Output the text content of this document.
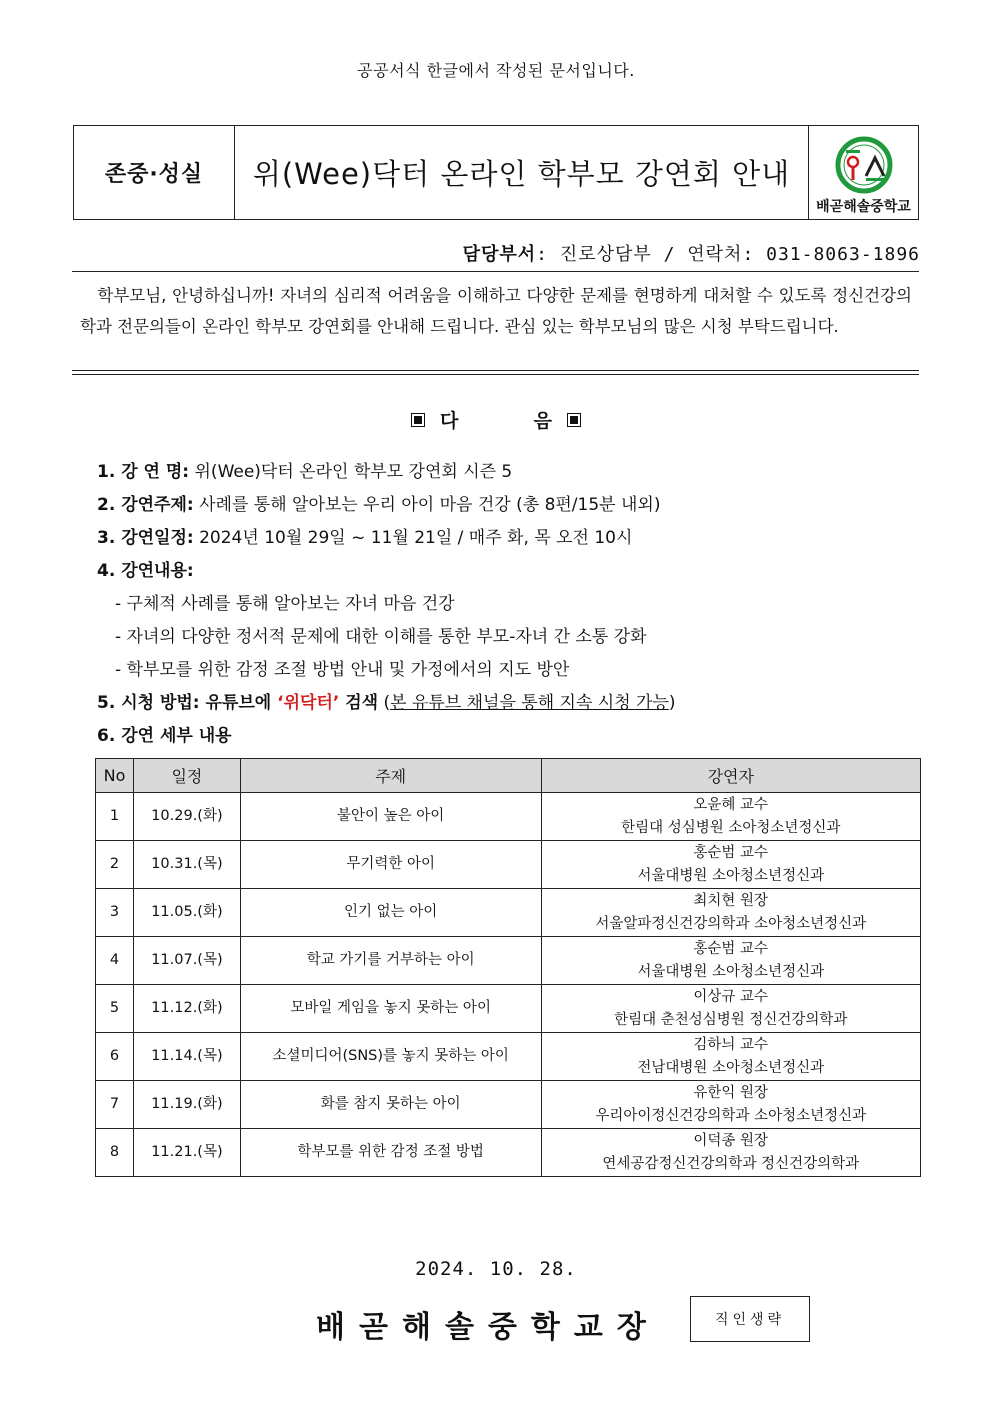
공공서식 한글에서 작성된 문서입니다.
존중·성실	위(Wee)닥터 온라인 학부모 강연회 안내
배곧해솔중학교
담당부서: 진로상담부 / 연락처: 031-8063-1896
학부모님, 안녕하십니까! 자녀의 심리적 어려움을 이해하고 다양한 문제를 현명하게 대처할 수 있도록 정신건강의학과 전문의들이 온라인 학부모 강연회를 안내해 드립니다. 관심 있는 학부모님의 많은 시청 부탁드립니다.
다	음
1. 강 연 명: 위(Wee)닥터 온라인 학부모 강연회 시즌 5
2. 강연주제: 사례를 통해 알아보는 우리 아이 마음 건강 (총 8편/15분 내외)
3. 강연일정: 2024년 10월 29일 ~ 11월 21일 / 매주 화, 목 오전 10시
4. 강연내용:
- 구체적 사례를 통해 알아보는 자녀 마음 건강
- 자녀의 다양한 정서적 문제에 대한 이해를 통한 부모-자녀 간 소통 강화
- 학부모를 위한 감정 조절 방법 안내 및 가정에서의 지도 방안
5. 시청 방법: 유튜브에 ‘위닥터’ 검색 (본 유튜브 채널을 통해 지속 시청 가능)
6. 강연 세부 내용
No	일정	주제	강연자
1	10.29.(화)	불안이 높은 아이	오윤혜 교수
한림대 성심병원 소아청소년정신과

2	10.31.(목)	무기력한 아이	홍순범 교수
서울대병원 소아청소년정신과

3	11.05.(화)	인기 없는 아이	최치현 원장
서울알파정신건강의학과 소아청소년정신과

4	11.07.(목)	학교 가기를 거부하는 아이	홍순범 교수
서울대병원 소아청소년정신과

5	11.12.(화)	모바일 게임을 놓지 못하는 아이	이상규 교수
한림대 춘천성심병원 정신건강의학과

6	11.14.(목)	소셜미디어(SNS)를 놓지 못하는 아이	김하늬 교수
전남대병원 소아청소년정신과

7	11.19.(화)	화를 참지 못하는 아이	유한익 원장
우리아이정신건강의학과 소아청소년정신과

8	11.21.(목)	학부모를 위한 감정 조절 방법	이덕종 원장
연세공감정신건강의학과 정신건강의학과
2024. 10. 28.
배곧해솔중학교장	직인생략
